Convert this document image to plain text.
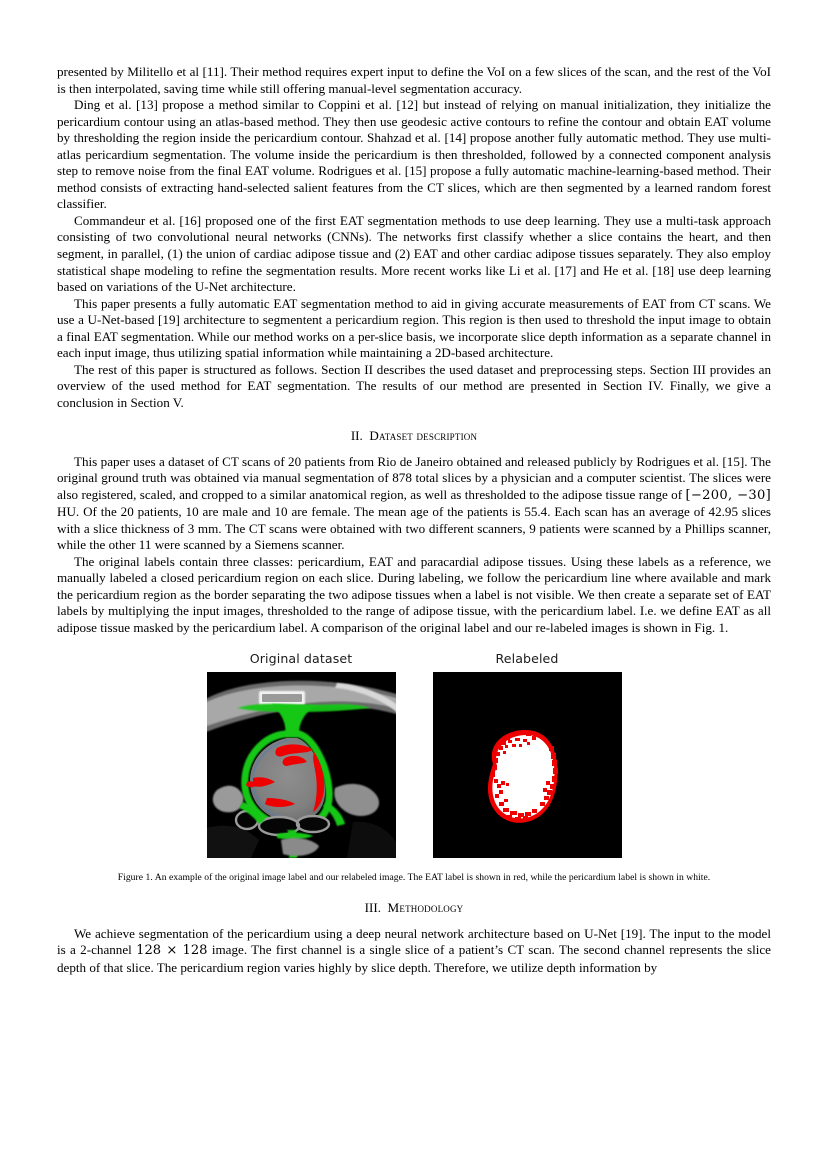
presented by Militello et al [11]. Their method requires expert input to define the VoI on a few slices of the scan, and the rest of the VoI is then interpolated, saving time while still offering manual-level segmentation accuracy.

Ding et al. [13] propose a method similar to Coppini et al. [12] but instead of relying on manual initialization, they initialize the pericardium contour using an atlas-based method. They then use geodesic active contours to refine the contour and obtain EAT volume by thresholding the region inside the pericardium contour. Shahzad et al. [14] propose another fully automatic method. They use multi-atlas pericardium segmentation. The volume inside the pericardium is then thresholded, followed by a connected component analysis step to remove noise from the final EAT volume. Rodrigues et al. [15] propose a fully automatic machine-learning-based method. Their method consists of extracting hand-selected salient features from the CT slices, which are then segmented by a learned random forest classifier.

Commandeur et al. [16] proposed one of the first EAT segmentation methods to use deep learning. They use a multi-task approach consisting of two convolutional neural networks (CNNs). The networks first classify whether a slice contains the heart, and then segment, in parallel, (1) the union of cardiac adipose tissue and (2) EAT and other cardiac adipose tissues separately. They also employ statistical shape modeling to refine the segmentation results. More recent works like Li et al. [17] and He et al. [18] use deep learning based on variations of the U-Net architecture.

This paper presents a fully automatic EAT segmentation method to aid in giving accurate measurements of EAT from CT scans. We use a U-Net-based [19] architecture to segmentent a pericardium region. This region is then used to threshold the input image to obtain a final EAT segmentation. While our method works on a per-slice basis, we incorporate slice depth information as a separate channel in each input image, thus utilizing spatial information while maintaining a 2D-based architecture.

The rest of this paper is structured as follows. Section II describes the used dataset and preprocessing steps. Section III provides an overview of the used method for EAT segmentation. The results of our method are presented in Section IV. Finally, we give a conclusion in Section V.

II. Dataset description

This paper uses a dataset of CT scans of 20 patients from Rio de Janeiro obtained and released publicly by Rodrigues et al. [15]. The original ground truth was obtained via manual segmentation of 878 total slices by a physician and a computer scientist. The slices were also registered, scaled, and cropped to a similar anatomical region, as well as thresholded to the adipose tissue range of [−200, −30] HU. Of the 20 patients, 10 are male and 10 are female. The mean age of the patients is 55.4. Each scan has an average of 42.95 slices with a slice thickness of 3 mm. The CT scans were obtained with two different scanners, 9 patients were scanned by a Phillips scanner, while the other 11 were scanned by a Siemens scanner.

The original labels contain three classes: pericardium, EAT and paracardial adipose tissues. Using these labels as a reference, we manually labeled a closed pericardium region on each slice. During labeling, we follow the pericardium line where available and mark the pericardium region as the border separating the two adipose tissues when a label is not visible. We then create a separate set of EAT labels by multiplying the input images, thresholded to the range of adipose tissue, with the pericardium label. I.e. we define EAT as all adipose tissue masked by the pericardium label. A comparison of the original label and our re-labeled images is shown in Fig. 1.

Original dataset	Relabeled
Figure 1. An example of the original image label and our relabeled image. The EAT label is shown in red, while the pericardium label is shown in white.
III. Methodology

We achieve segmentation of the pericardium using a deep neural network architecture based on U-Net [19]. The input to the model is a 2-channel 128 × 128 image. The first channel is a single slice of a patient’s CT scan. The second channel represents the slice depth of that slice. The pericardium region varies highly by slice depth. Therefore, we utilize depth information by
